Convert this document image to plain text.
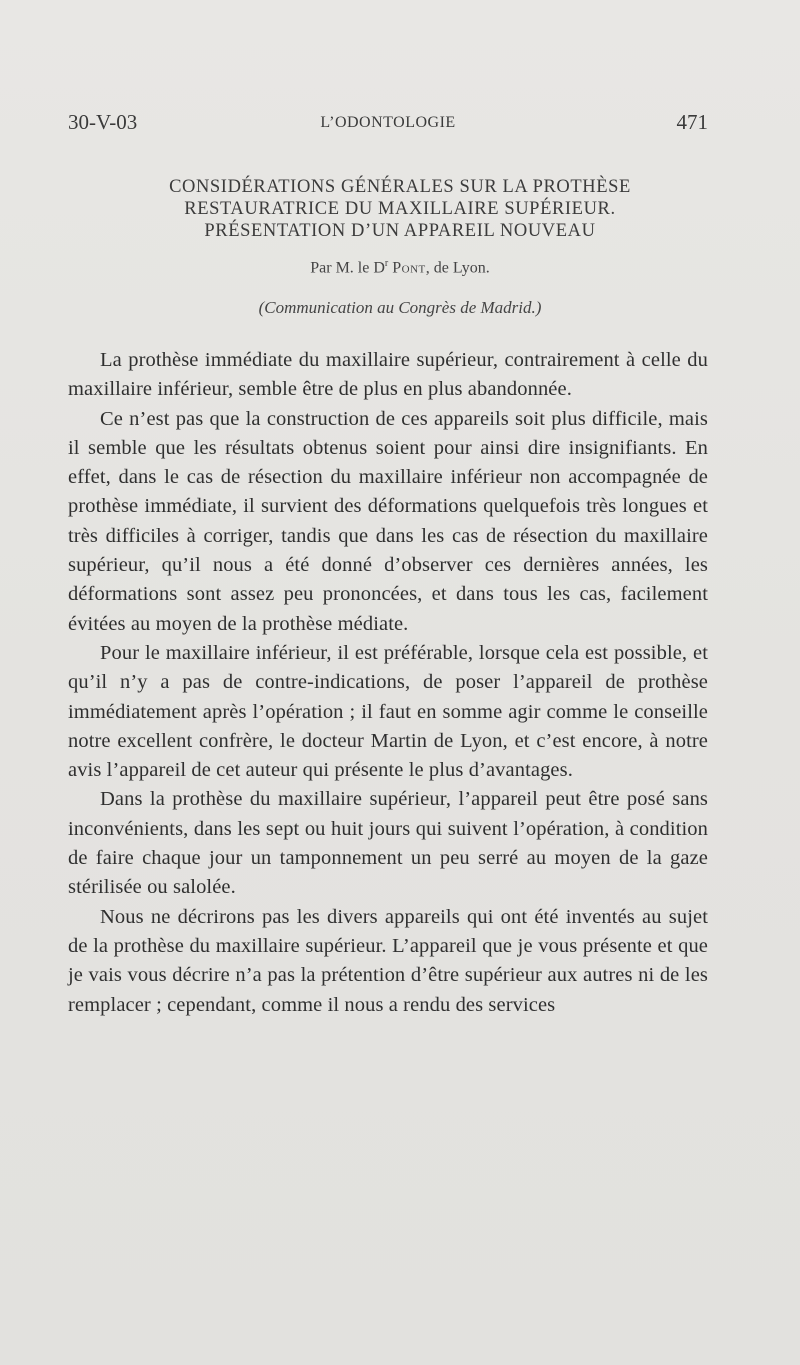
30-V-03	L’ODONTOLOGIE	471
CONSIDÉRATIONS GÉNÉRALES SUR LA PROTHÈSE
RESTAURATRICE DU MAXILLAIRE SUPÉRIEUR.
PRÉSENTATION D’UN APPAREIL NOUVEAU
Par M. le $D^r$ Pont, de Lyon.
(Communication au Congrès de Madrid.)

La prothèse immédiate du maxillaire supérieur, contrairement à celle du maxillaire inférieur, semble être de plus en plus abandonnée.

Ce n’est pas que la construction de ces appareils soit plus difficile, mais il semble que les résultats obtenus soient pour ainsi dire insignifiants. En effet, dans le cas de résection du maxillaire inférieur non accompagnée de prothèse immédiate, il survient des déformations quelquefois très longues et très difficiles à corriger, tandis que dans les cas de résection du maxillaire supérieur, qu’il nous a été donné d’observer ces dernières années, les déformations sont assez peu prononcées, et dans tous les cas, facilement évitées au moyen de la prothèse médiate.

Pour le maxillaire inférieur, il est préférable, lorsque cela est possible, et qu’il n’y a pas de contre-indications, de poser l’appareil de prothèse immédiatement après l’opération ; il faut en somme agir comme le conseille notre excellent confrère, le docteur Martin de Lyon, et c’est encore, à notre avis l’appareil de cet auteur qui présente le plus d’avantages.

Dans la prothèse du maxillaire supérieur, l’appareil peut être posé sans inconvénients, dans les sept ou huit jours qui suivent l’opération, à condition de faire chaque jour un tamponnement un peu serré au moyen de la gaze stérilisée ou salolée.

Nous ne décrirons pas les divers appareils qui ont été inventés au sujet de la prothèse du maxillaire supérieur. L’appareil que je vous présente et que je vais vous décrire n’a pas la prétention d’être supérieur aux autres ni de les remplacer ; cependant, comme il nous a rendu des services
